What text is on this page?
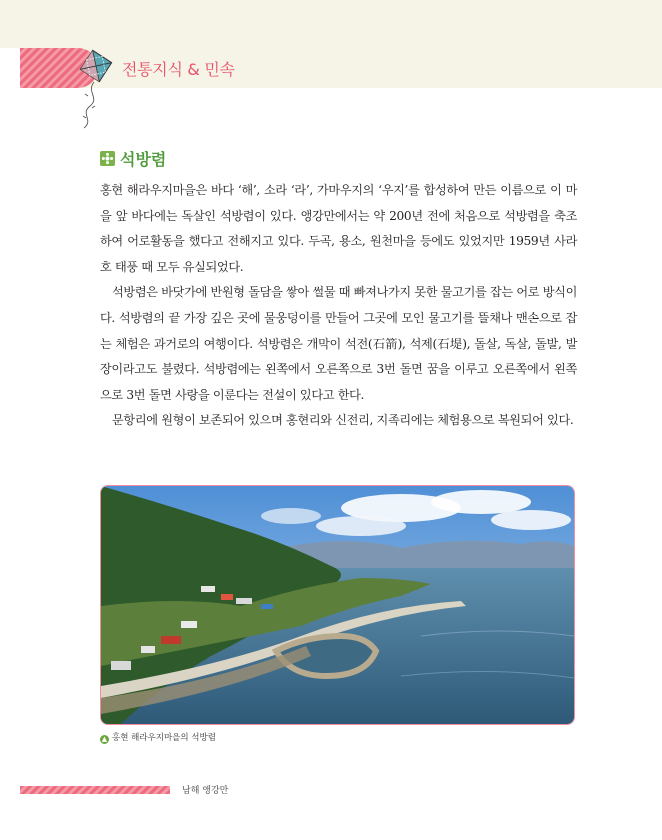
전통지식 & 민속
석방렴

홍현 해라우지마을은 바다 ‘해’, 소라 ‘라’, 가마우지의 ‘우지’를 합성하여 만든 이름으로 이 마을 앞 바다에는 독살인 석방렴이 있다. 앵강만에서는 약 200년 전에 처음으로 석방렴을 축조하여 어로활동을 했다고 전해지고 있다. 두곡, 용소, 원천마을 등에도 있었지만 1959년 사라호 태풍 때 모두 유실되었다.

석방렴은 바닷가에 반원형 돌담을 쌓아 썰물 때 빠져나가지 못한 물고기를 잡는 어로 방식이다. 석방렴의 끝 가장 깊은 곳에 물웅덩이를 만들어 그곳에 모인 물고기를 뜰채나 맨손으로 잡는 체험은 과거로의 여행이다. 석방렴은 개막이 석전(石箭), 석제(石堤), 돌살, 독살, 돌발, 발장이라고도 불렸다. 석방렴에는 왼쪽에서 오른쪽으로 3번 돌면 꿈을 이루고 오른쪽에서 왼쪽으로 3번 돌면 사랑을 이룬다는 전설이 있다고 한다.

문항리에 원형이 보존되어 있으며 홍현리와 신전리, 지족리에는 체험용으로 복원되어 있다.

▲ 홍현 해라우지마을의 석방렴
남해 앵강만
